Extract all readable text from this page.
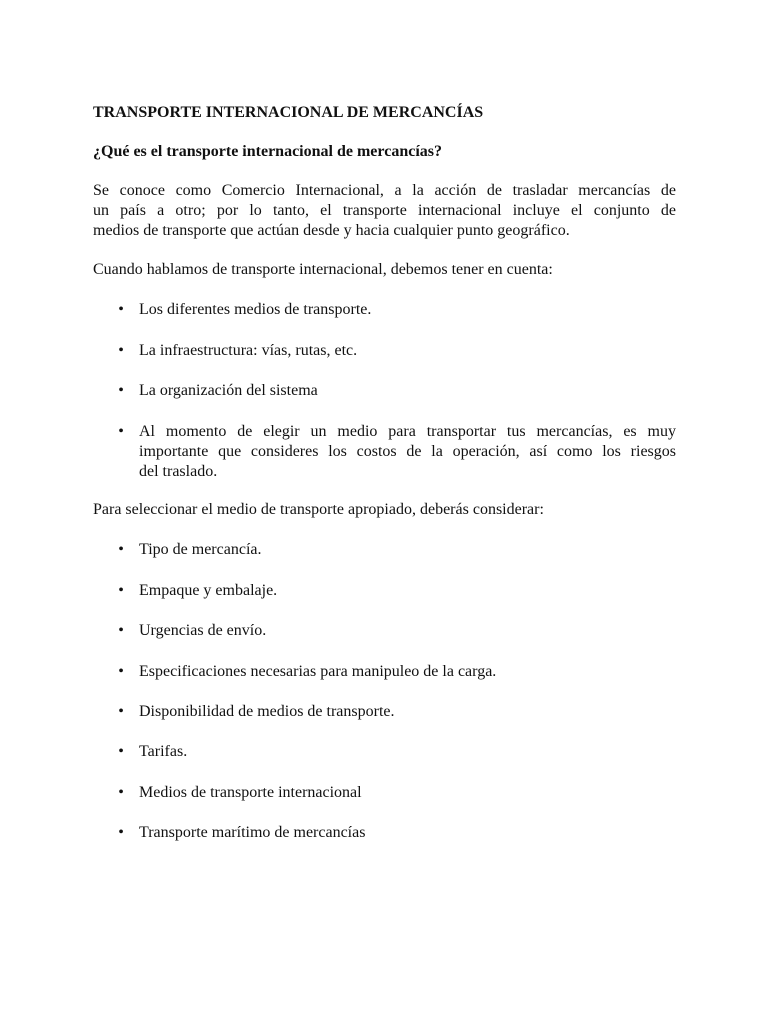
TRANSPORTE INTERNACIONAL DE MERCANCÍAS
¿Qué es el transporte internacional de mercancías?
Se conoce como Comercio Internacional, a la acción de trasladar mercancías de
un país a otro; por lo tanto, el transporte internacional incluye el conjunto de
medios de transporte que actúan desde y hacia cualquier punto geográfico.
Cuando hablamos de transporte internacional, debemos tener en cuenta:
• Los diferentes medios de transporte.
• La infraestructura: vías, rutas, etc.
• La organización del sistema
• Al momento de elegir un medio para transportar tus mercancías, es muy
importante que consideres los costos de la operación, así como los riesgos
del traslado.
Para seleccionar el medio de transporte apropiado, deberás considerar:
• Tipo de mercancía.
• Empaque y embalaje.
• Urgencias de envío.
• Especificaciones necesarias para manipuleo de la carga.
• Disponibilidad de medios de transporte.
• Tarifas.
• Medios de transporte internacional
• Transporte marítimo de mercancías
